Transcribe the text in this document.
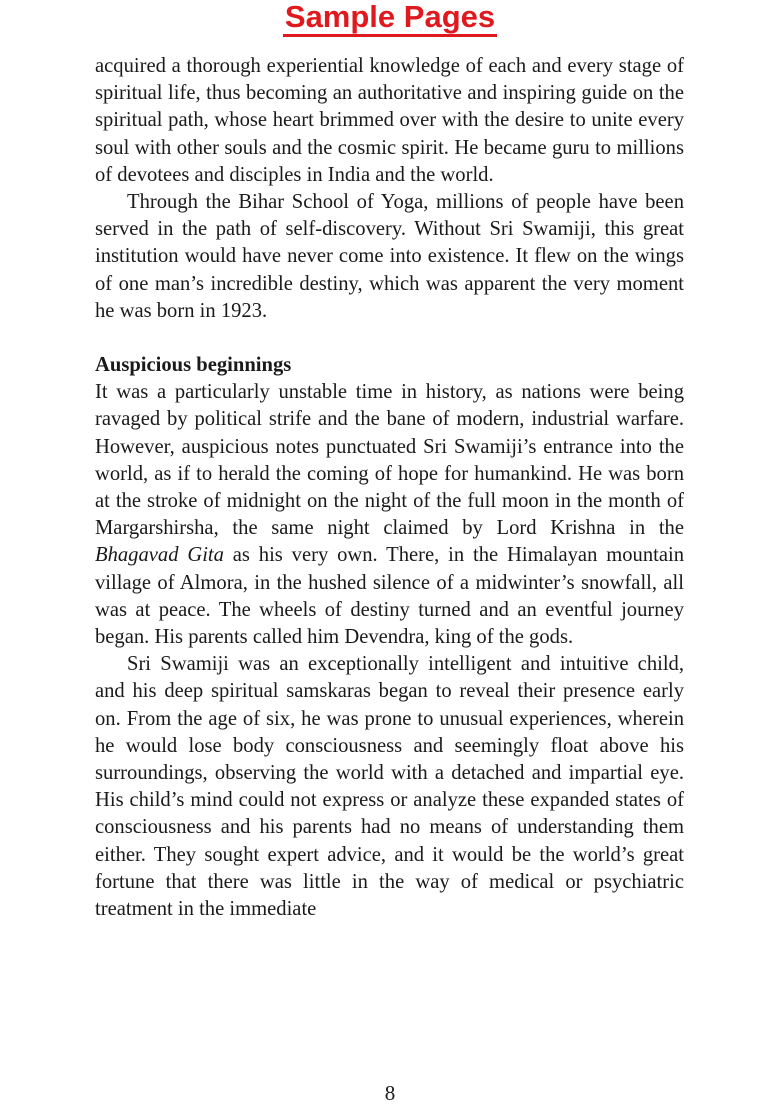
Sample Pages

acquired a thorough experiential knowledge of each and every stage of spiritual life, thus becoming an authoritative and inspiring guide on the spiritual path, whose heart brimmed over with the desire to unite every soul with other souls and the cosmic spirit. He became guru to millions of devotees and disciples in India and the world.

Through the Bihar School of Yoga, millions of people have been served in the path of self-discovery. Without Sri Swamiji, this great institution would have never come into existence. It flew on the wings of one man’s incredible destiny, which was apparent the very moment he was born in 1923.

Auspicious beginnings

It was a particularly unstable time in history, as nations were being ravaged by political strife and the bane of modern, industrial warfare. However, auspicious notes punctuated Sri Swamiji’s entrance into the world, as if to herald the coming of hope for humankind. He was born at the stroke of midnight on the night of the full moon in the month of Margarshirsha, the same night claimed by Lord Krishna in the Bhagavad Gita as his very own. There, in the Himalayan mountain village of Almora, in the hushed silence of a midwinter’s snowfall, all was at peace. The wheels of destiny turned and an eventful journey began. His parents called him Devendra, king of the gods.

Sri Swamiji was an exceptionally intelligent and intuitive child, and his deep spiritual samskaras began to reveal their presence early on. From the age of six, he was prone to unusual experiences, wherein he would lose body consciousness and seemingly float above his surroundings, observing the world with a detached and impartial eye. His child’s mind could not express or analyze these expanded states of consciousness and his parents had no means of understanding them either. They sought expert advice, and it would be the world’s great fortune that there was little in the way of medical or psychiatric treatment in the immediate

8
